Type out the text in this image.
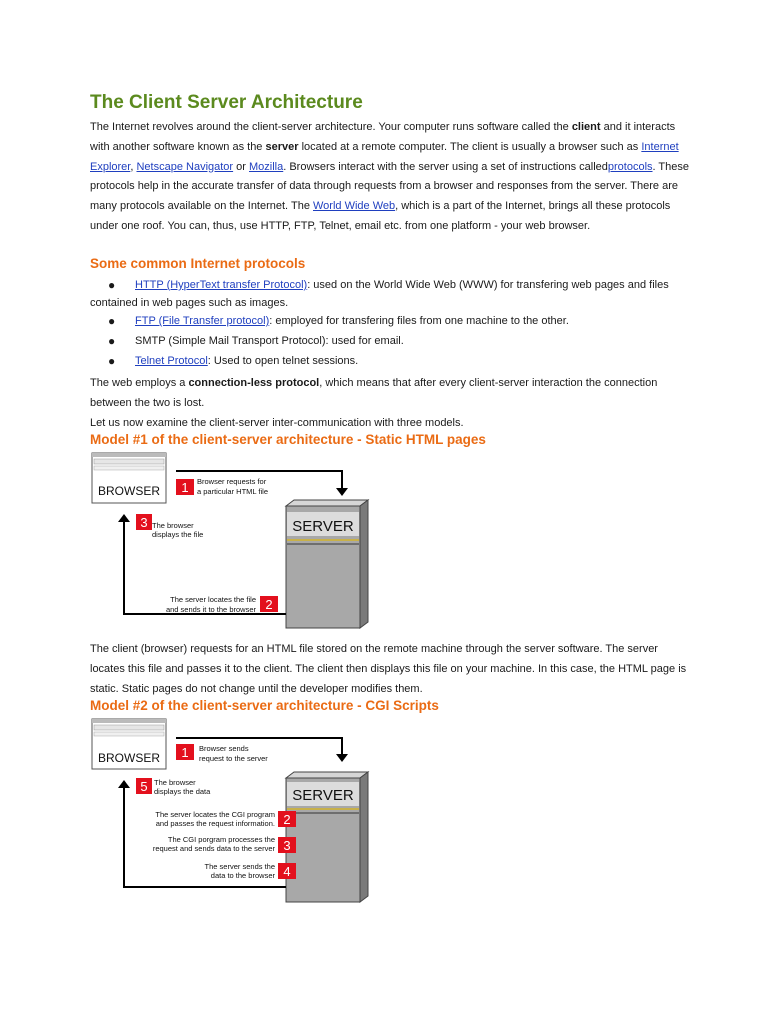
The Client Server Architecture
The Internet revolves around the client-server architecture. Your computer runs software called the client and it interacts with another software known as the server located at a remote computer. The client is usually a browser such as Internet Explorer, Netscape Navigator or Mozilla. Browsers interact with the server using a set of instructions calledprotocols. These protocols help in the accurate transfer of data through requests from a browser and responses from the server. There are many protocols available on the Internet. The World Wide Web, which is a part of the Internet, brings all these protocols under one roof. You can, thus, use HTTP, FTP, Telnet, email etc. from one platform - your web browser.
Some common Internet protocols
●	HTTP (HyperText transfer Protocol): used on the World Wide Web (WWW) for transfering web pages and files contained in web pages such as images.
●	FTP (File Transfer protocol): employed for transfering files from one machine to the other.
●	SMTP (Simple Mail Transport Protocol): used for email.
●	Telnet Protocol: Used to open telnet sessions.
The web employs a connection-less protocol, which means that after every client-server interaction the connection between the two is lost.
Let us now examine the client-server inter-communication with three models.
Model #1 of the client-server architecture - Static HTML pages
BROWSER
SERVER
1 Browser requests for
a particular HTML file
2
The server locates the file
and sends it to the browser
3 The browser
displays the file
The client (browser) requests for an HTML file stored on the remote machine through the server software. The server locates this file and passes it to the client. The client then displays this file on your machine. In this case, the HTML page is static. Static pages do not change until the developer modifies them.
Model #2 of the client-server architecture - CGI Scripts
BROWSER
SERVER
1 Browser sends
request to the server
5 The browser
displays the data
2
The server locates the CGI program
and passes the request information.
3
The CGI porgram processes the
request and sends data to the server
4
The server sends the
data to the browser
